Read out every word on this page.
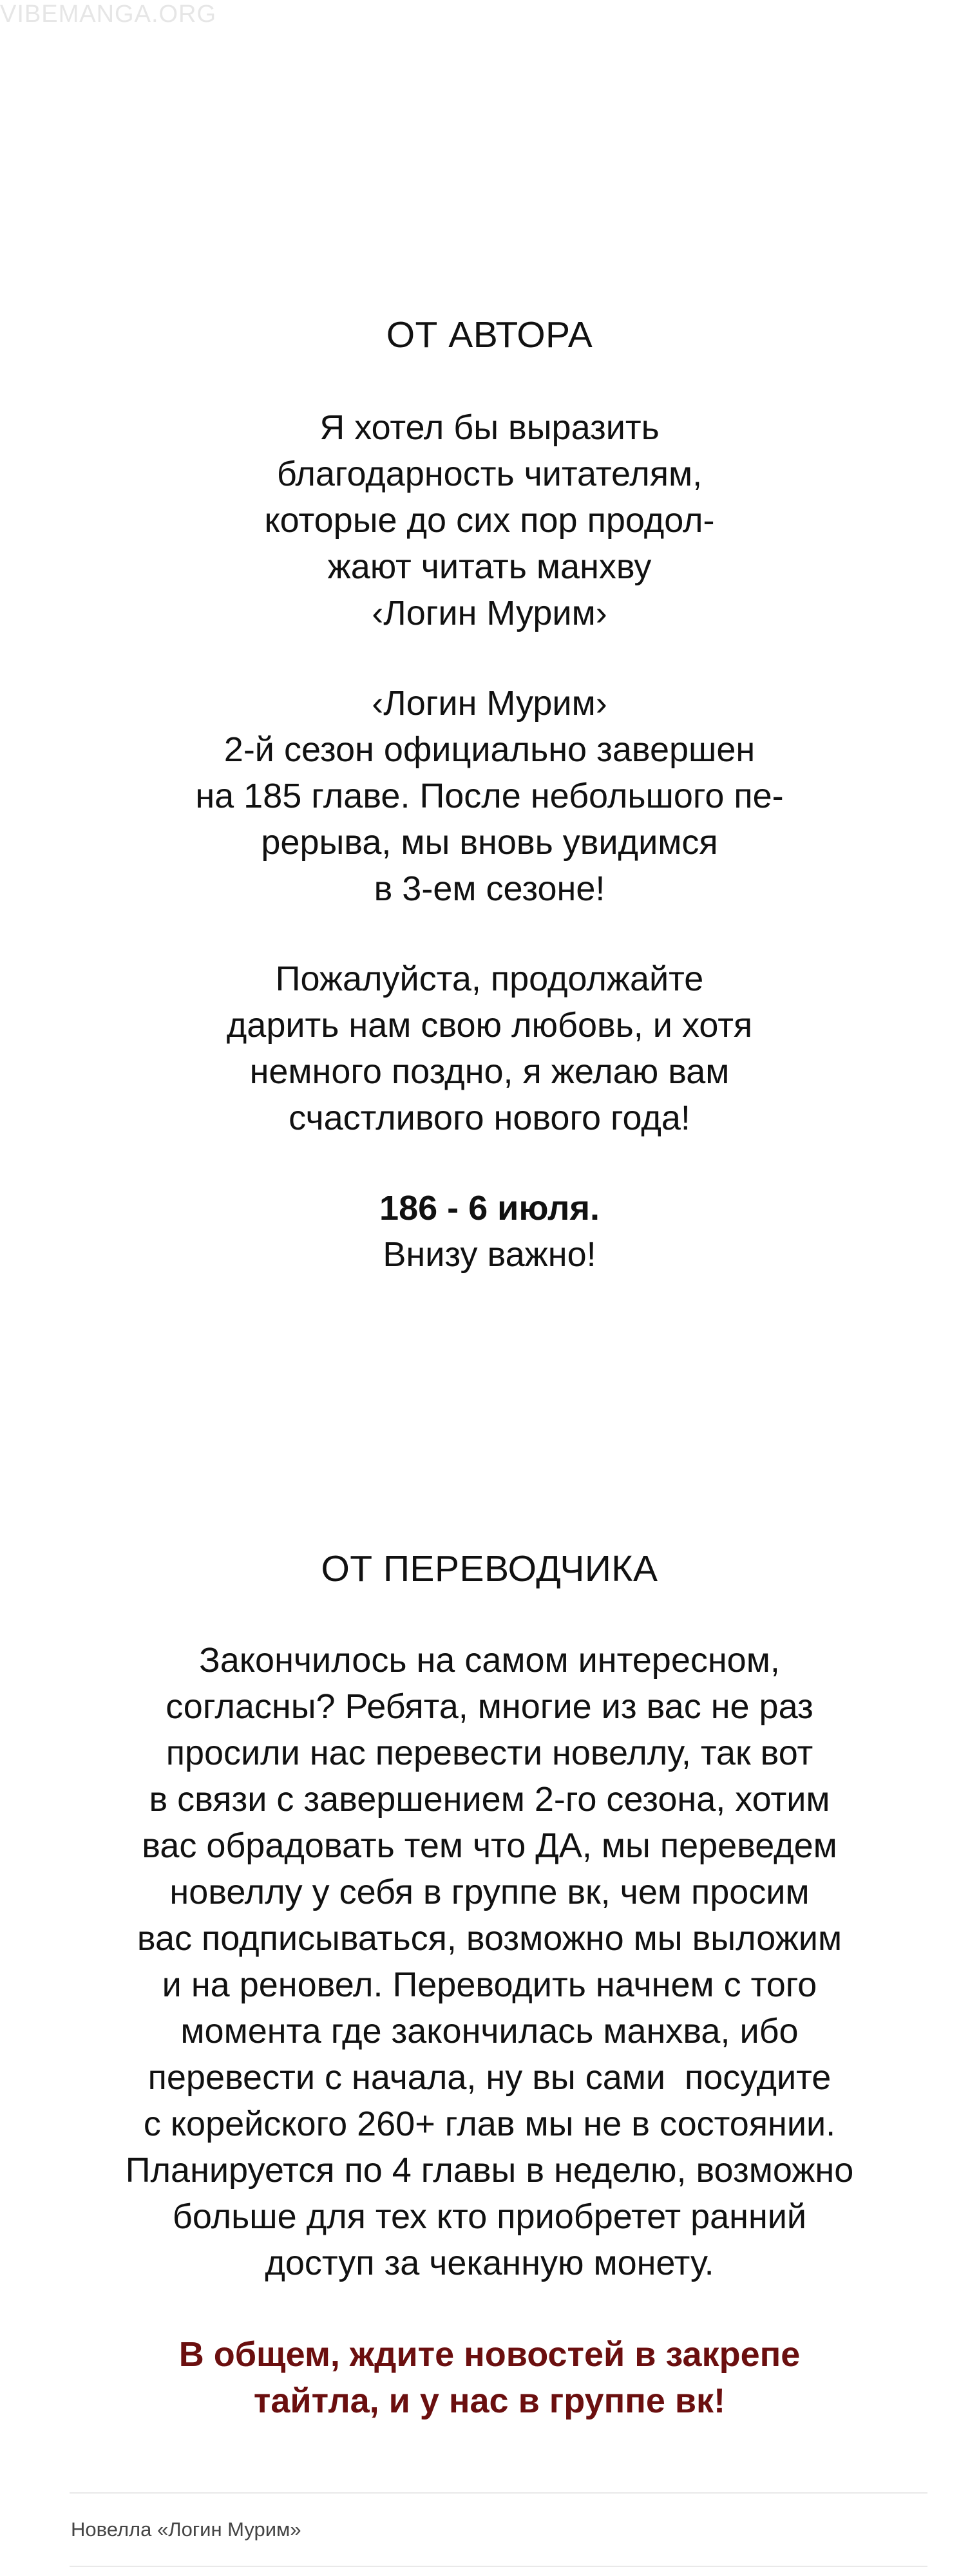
VIBEMANGA.ORG
ОТ АВТОРА

Я хотел бы выразить
благодарность читателям,
которые до сих пор продол-
жают читать манхву
‹Логин Мурим›

‹Логин Мурим›
2-й сезон официально завершен
на 185 главе. После небольшого пе-
рерыва, мы вновь увидимся
в 3-ем сезоне!

Пожалуйста, продолжайте
дарить нам свою любовь, и хотя
немного поздно, я желаю вам
счастливого нового года!

186 - 6 июля.
Внизу важно!

ОТ ПЕРЕВОДЧИКА

Закончилось на самом интересном,
согласны? Ребята, многие из вас не раз
просили нас перевести новеллу, так вот
в связи с завершением 2-го сезона, хотим
вас обрадовать тем что ДА, мы переведем
новеллу у себя в группе вк, чем просим
вас подписываться, возможно мы выложим
и на реновел. Переводить начнем с того
момента где закончилась манхва, ибо
перевести с начала, ну вы сами  посудите
с корейского 260+ глав мы не в состоянии.
Планируется по 4 главы в неделю, возможно
больше для тех кто приобретет ранний
доступ за чеканную монету.

В общем, ждите новостей в закрепе
тайтла, и у нас в группе вк!

Новелла «Логин Мурим»
